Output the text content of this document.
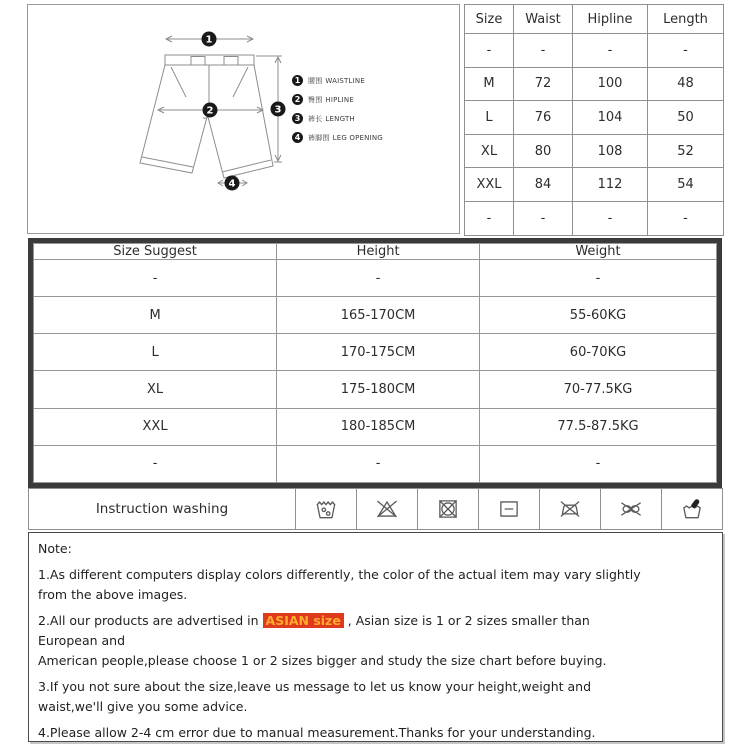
1
2	3
4
1	腰围 WAISTLINE
2	臀围 HIPLINE
3	裤长 LENGTH
4	裤脚围 LEG OPENING
Size	Waist	Hipline	Length
-	-	-	-
M	72	100	48
L	76	104	50
XL	80	108	52
XXL	84	112	54
-	-	-	-
Size Suggest	Height	Weight
-	-	-
M	165-170CM	55-60KG
L	170-175CM	60-70KG
XL	175-180CM	70-77.5KG
XXL	180-185CM	77.5-87.5KG
-	-	-
Instruction washing
Note:
1.As different computers display colors differently, the color of the actual item may vary slightly
from the above images.
2.All our products are advertised in ASIAN size , Asian size is 1 or 2 sizes smaller than
European and
American people,please choose 1 or 2 sizes bigger and study the size chart before buying.
3.If you not sure about the size,leave us message to let us know your height,weight and
waist,we'll give you some advice.
4.Please allow 2-4 cm error due to manual measurement.Thanks for your understanding.
